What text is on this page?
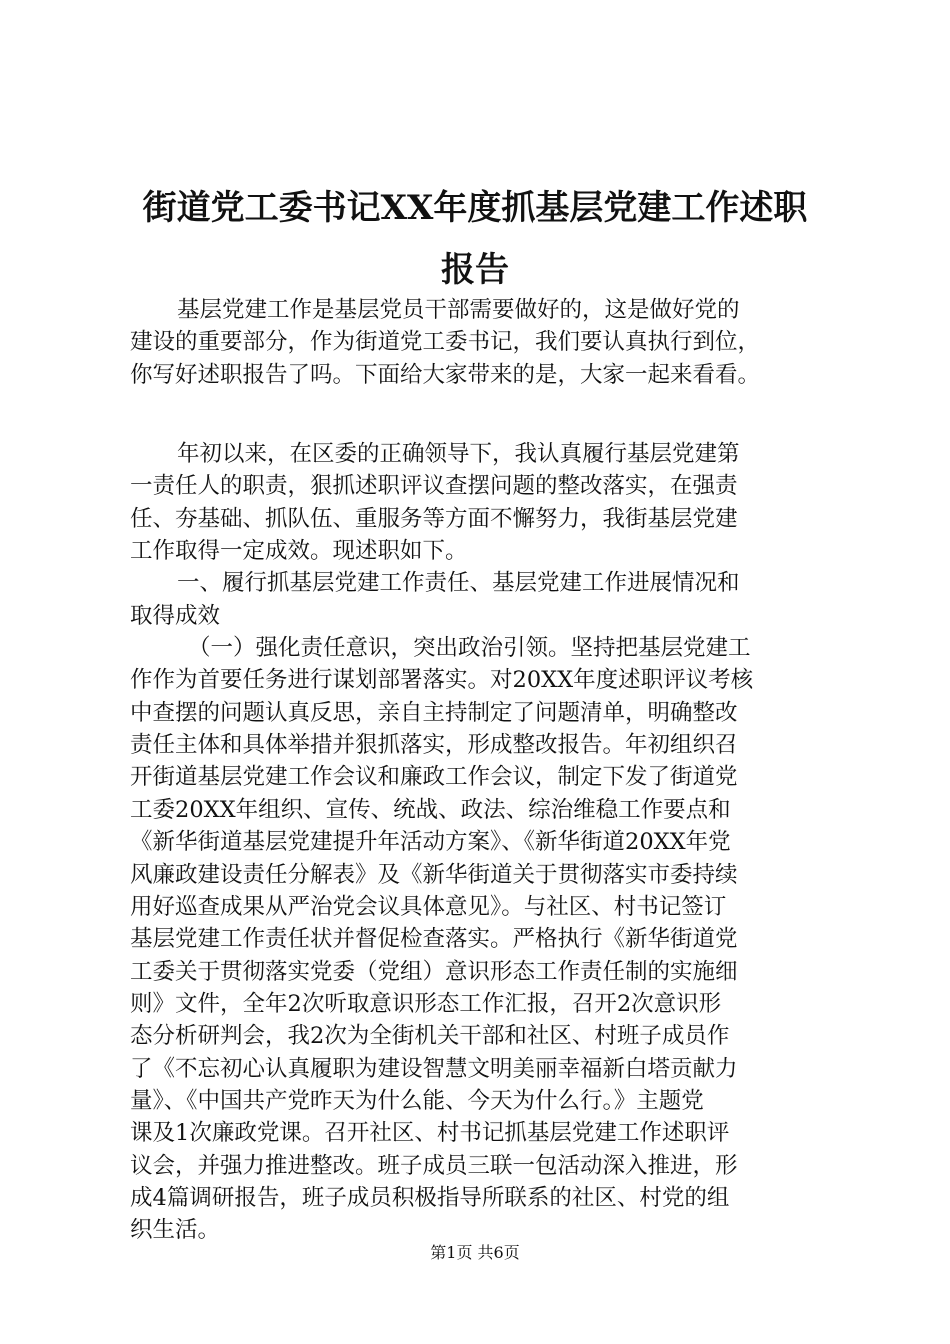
街道党工委书记XX年度抓基层党建工作述职
报告
基层党建工作是基层党员干部需要做好的，这是做好党的
建设的重要部分，作为街道党工委书记，我们要认真执行到位，
你写好述职报告了吗。下面给大家带来的是，大家一起来看看。
年初以来，在区委的正确领导下，我认真履行基层党建第
一责任人的职责，狠抓述职评议查摆问题的整改落实，在强责
任、夯基础、抓队伍、重服务等方面不懈努力，我街基层党建
工作取得一定成效。现述职如下。
一、履行抓基层党建工作责任、基层党建工作进展情况和
取得成效
（一）强化责任意识，突出政治引领。坚持把基层党建工
作作为首要任务进行谋划部署落实。对20XX年度述职评议考核
中查摆的问题认真反思，亲自主持制定了问题清单，明确整改
责任主体和具体举措并狠抓落实，形成整改报告。年初组织召
开街道基层党建工作会议和廉政工作会议，制定下发了街道党
工委20XX年组织、宣传、统战、政法、综治维稳工作要点和
《新华街道基层党建提升年活动方案》、《新华街道20XX年党
风廉政建设责任分解表》及《新华街道关于贯彻落实市委持续
用好巡查成果从严治党会议具体意见》。与社区、村书记签订
基层党建工作责任状并督促检查落实。严格执行《新华街道党
工委关于贯彻落实党委（党组）意识形态工作责任制的实施细
则》文件，全年2次听取意识形态工作汇报，召开2次意识形
态分析研判会，我2次为全街机关干部和社区、村班子成员作
了《不忘初心认真履职为建设智慧文明美丽幸福新白塔贡献力
量》、《中国共产党昨天为什么能、今天为什么行。》主题党
课及1次廉政党课。召开社区、村书记抓基层党建工作述职评
议会，并强力推进整改。班子成员三联一包活动深入推进，形
成4篇调研报告，班子成员积极指导所联系的社区、村党的组
织生活。
第1页 共6页
